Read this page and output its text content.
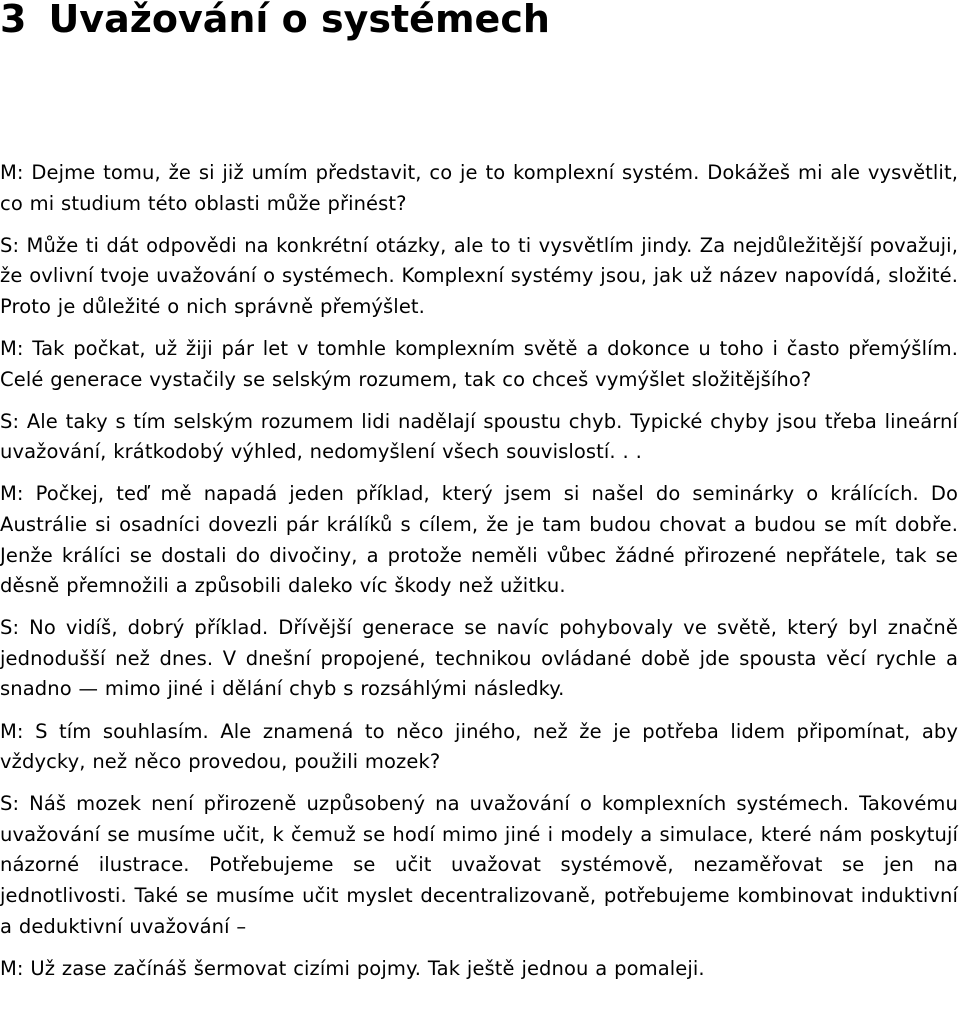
3 Uvažování o systémech

M: Dejme tomu, že si již umím představit, co je to komplexní systém. Dokážeš mi ale vysvětlit, co mi studium této oblasti může přinést?

S: Může ti dát odpovědi na konkrétní otázky, ale to ti vysvětlím jindy. Za nejdůležitější považuji, že ovlivní tvoje uvažování o systémech. Komplexní systémy jsou, jak už název napovídá, složité. Proto je důležité o nich správně přemýšlet.

M: Tak počkat, už žiji pár let v tomhle komplexním světě a dokonce u toho i často přemýšlím. Celé generace vystačily se selským rozumem, tak co chceš vymýšlet složitějšího?

S: Ale taky s tím selským rozumem lidi nadělají spoustu chyb. Typické chyby jsou třeba lineární uvažování, krátkodobý výhled, nedomyšlení všech souvislostí. . .

M: Počkej, teď mě napadá jeden příklad, který jsem si našel do seminárky o králících. Do Austrálie si osadníci dovezli pár králíků s cílem, že je tam budou chovat a budou se mít dobře. Jenže králíci se dostali do divočiny, a protože neměli vůbec žádné přirozené nepřátele, tak se děsně přemnožili a způsobili daleko víc škody než užitku.

S: No vidíš, dobrý příklad. Dřívější generace se navíc pohybovaly ve světě, který byl značně jednodušší než dnes. V dnešní propojené, technikou ovládané době jde spousta věcí rychle a snadno — mimo jiné i dělání chyb s rozsáhlými následky.

M: S tím souhlasím. Ale znamená to něco jiného, než že je potřeba lidem připomínat, aby vždycky, než něco provedou, použili mozek?

S: Náš mozek není přirozeně uzpůsobený na uvažování o komplexních systémech. Takovému uvažování se musíme učit, k čemuž se hodí mimo jiné i modely a simulace, které nám poskytují názorné ilustrace. Potřebujeme se učit uvažovat systémově, nezaměřovat se jen na jednotlivosti. Také se musíme učit myslet decentralizovaně, potřebujeme kombinovat induktivní a deduktivní uvažování –

M: Už zase začínáš šermovat cizími pojmy. Tak ještě jednou a pomaleji.
